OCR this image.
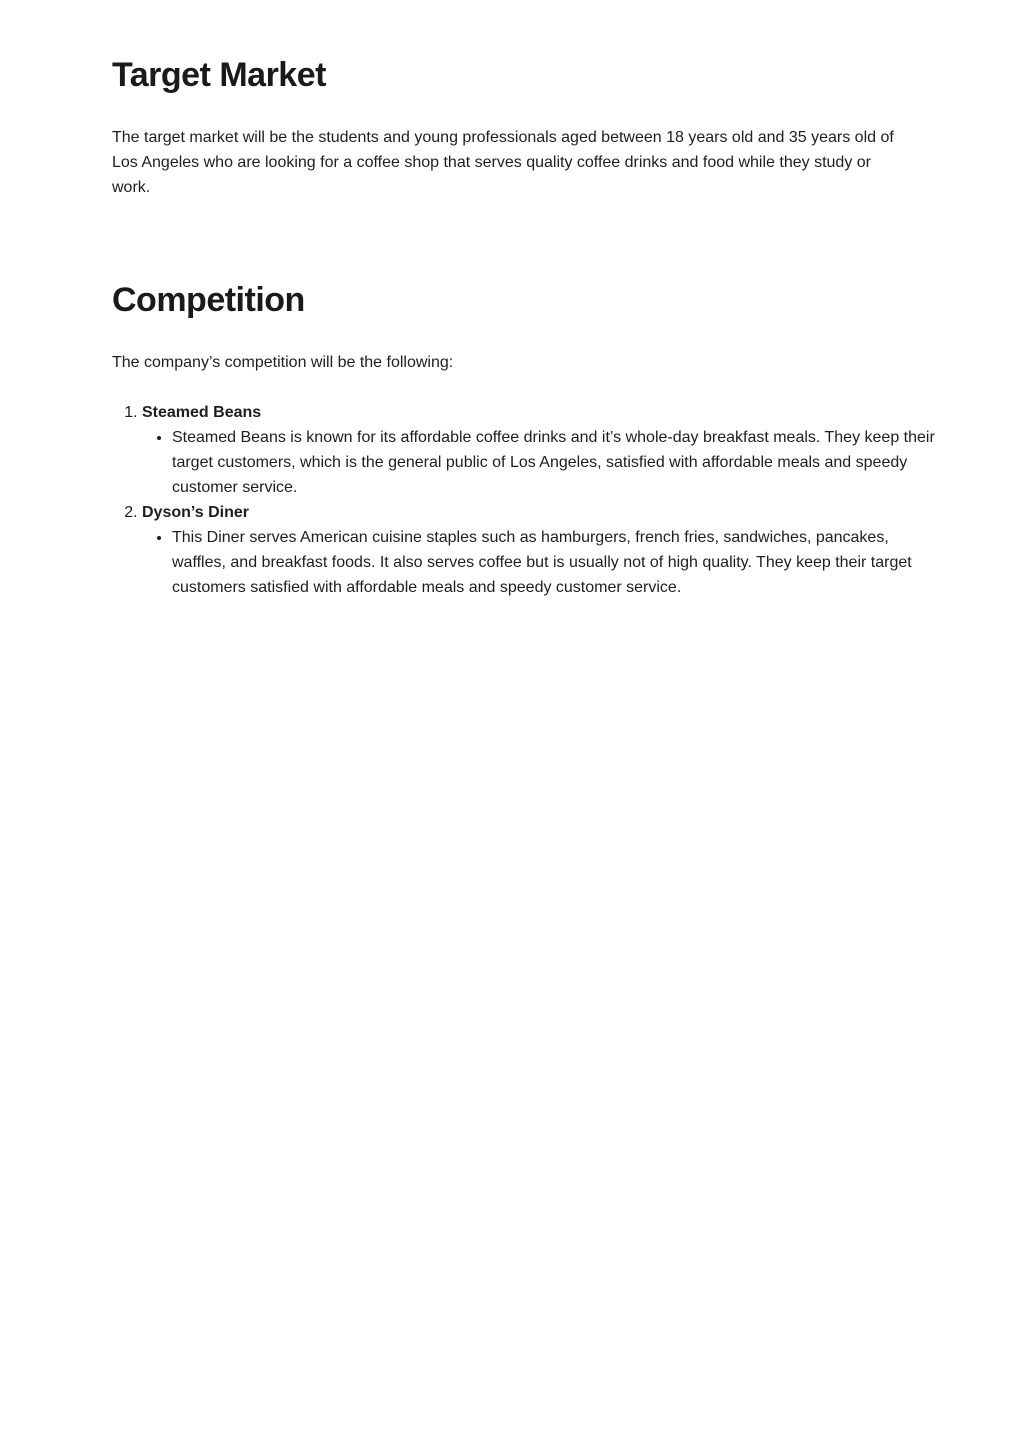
Target Market

The target market will be the students and young professionals aged between 18 years old and 35 years old of Los Angeles who are looking for a coffee shop that serves quality coffee drinks and food while they study or work.

Competition

The company’s competition will be the following:

1. Steamed Beans
• Steamed Beans is known for its affordable coffee drinks and it’s whole-day breakfast meals. They keep their target customers, which is the general public of Los Angeles, satisfied with affordable meals and speedy customer service.
2. Dyson’s Diner
• This Diner serves American cuisine staples such as hamburgers, french fries, sandwiches, pancakes, waffles, and breakfast foods. It also serves coffee but is usually not of high quality. They keep their target customers satisfied with affordable meals and speedy customer service.
